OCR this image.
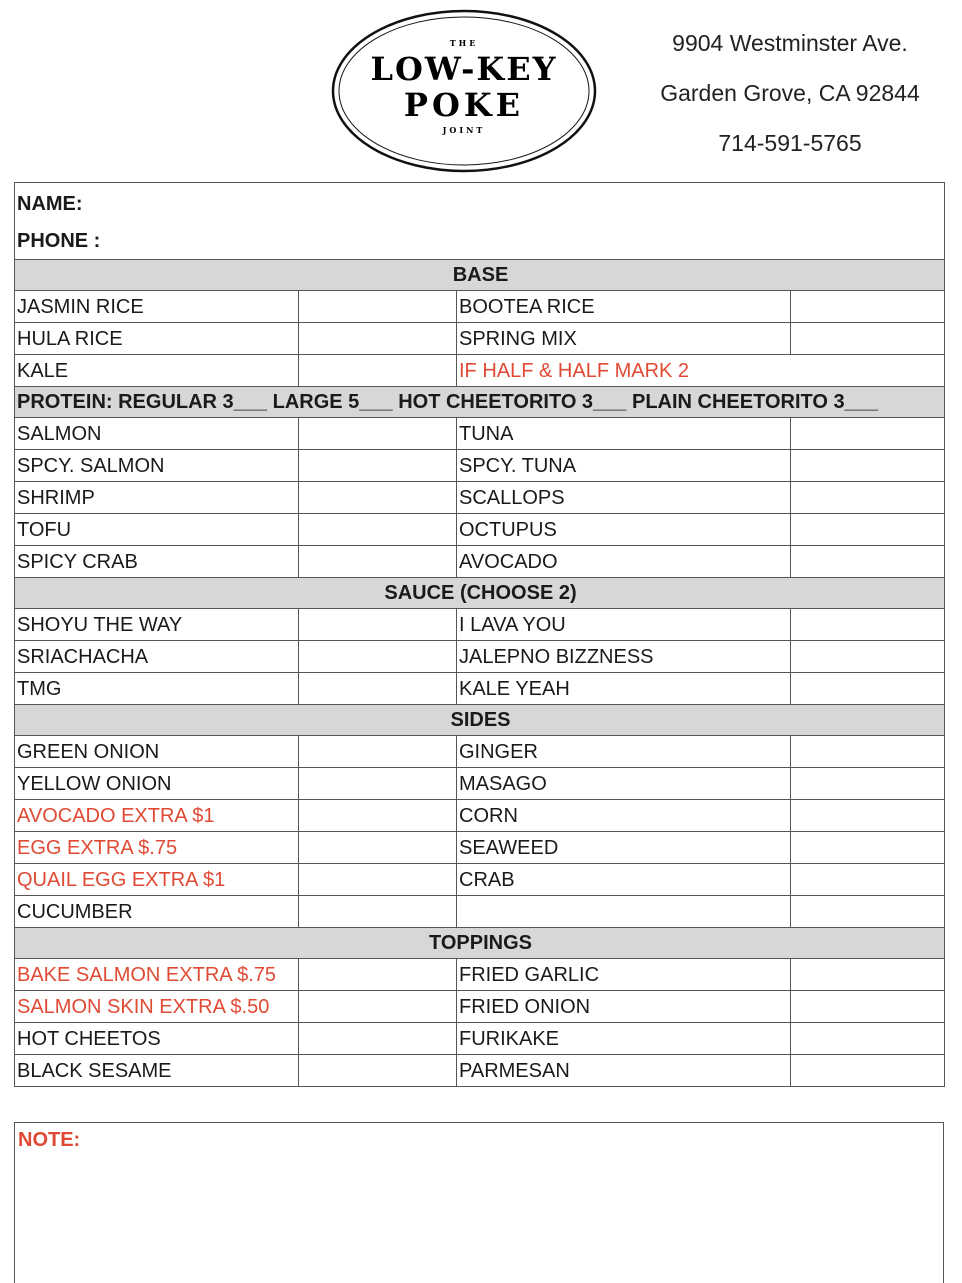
THE
LOW-KEY
POKE
JOINT
9904 Westminster Ave.
Garden Grove, CA 92844
714-591-5765
NAME:			
PHONE :			
BASE			
JASMIN RICE		BOOTEA RICE	
HULA RICE		SPRING MIX	
KALE		IF HALF & HALF MARK 2	
PROTEIN: REGULAR 3___ LARGE 5___ HOT CHEETORITO 3___ PLAIN CHEETORITO 3___			
SALMON		TUNA	
SPCY. SALMON		SPCY. TUNA	
SHRIMP		SCALLOPS	
TOFU		OCTUPUS	
SPICY CRAB		AVOCADO	
SAUCE (CHOOSE 2)			
SHOYU THE WAY		I LAVA YOU	
SRIACHACHA		JALEPNO BIZZNESS	
TMG		KALE YEAH	
SIDES			
GREEN ONION		GINGER	
YELLOW ONION		MASAGO	
AVOCADO EXTRA $1		CORN	
EGG EXTRA $.75		SEAWEED	
QUAIL EGG EXTRA $1		CRAB	
CUCUMBER			
TOPPINGS			
BAKE SALMON EXTRA $.75		FRIED GARLIC	
SALMON SKIN EXTRA $.50		FRIED ONION	
HOT CHEETOS		FURIKAKE	
BLACK SESAME		PARMESAN	
NOTE:
